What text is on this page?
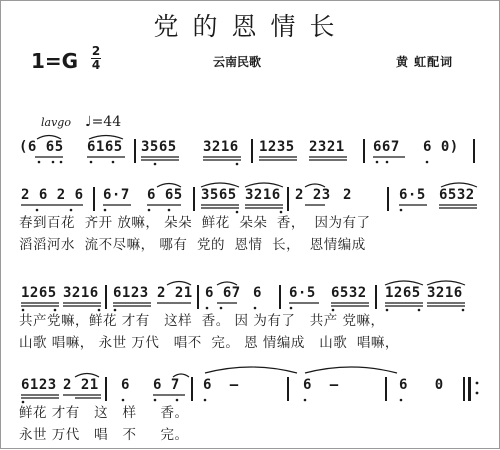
党的恩情长
1=G 2
4	云南民歌	黄 虹配词
lavgo ♩=44
(6 65 6165 3565 3216 1235 2321 667 6 0)
2 6 2 6 6·7 6 65 3565 3216 2 23 2	6·5 6532
春到百花  齐开 放嘛， 朵朵  鲜花  朵朵  香，  因为有了
滔滔河水  流不尽嘛， 哪有  党的  恩情  长，  恩情编成
1265 3216 6123 2 21 6 67 6 6·5 6532 1265 3216
共产党嘛，鲜花 才有   这样  香。 因 为有了   共产 党嘛，
山歌 唱嘛， 永世 万代   唱不  完。 恩 情编成   山歌  唱嘛，
6123 2 21 6 6 7 6  —	6  —	6   0
鲜花 才有   这   样     香。
永世 万代   唱   不     完。
